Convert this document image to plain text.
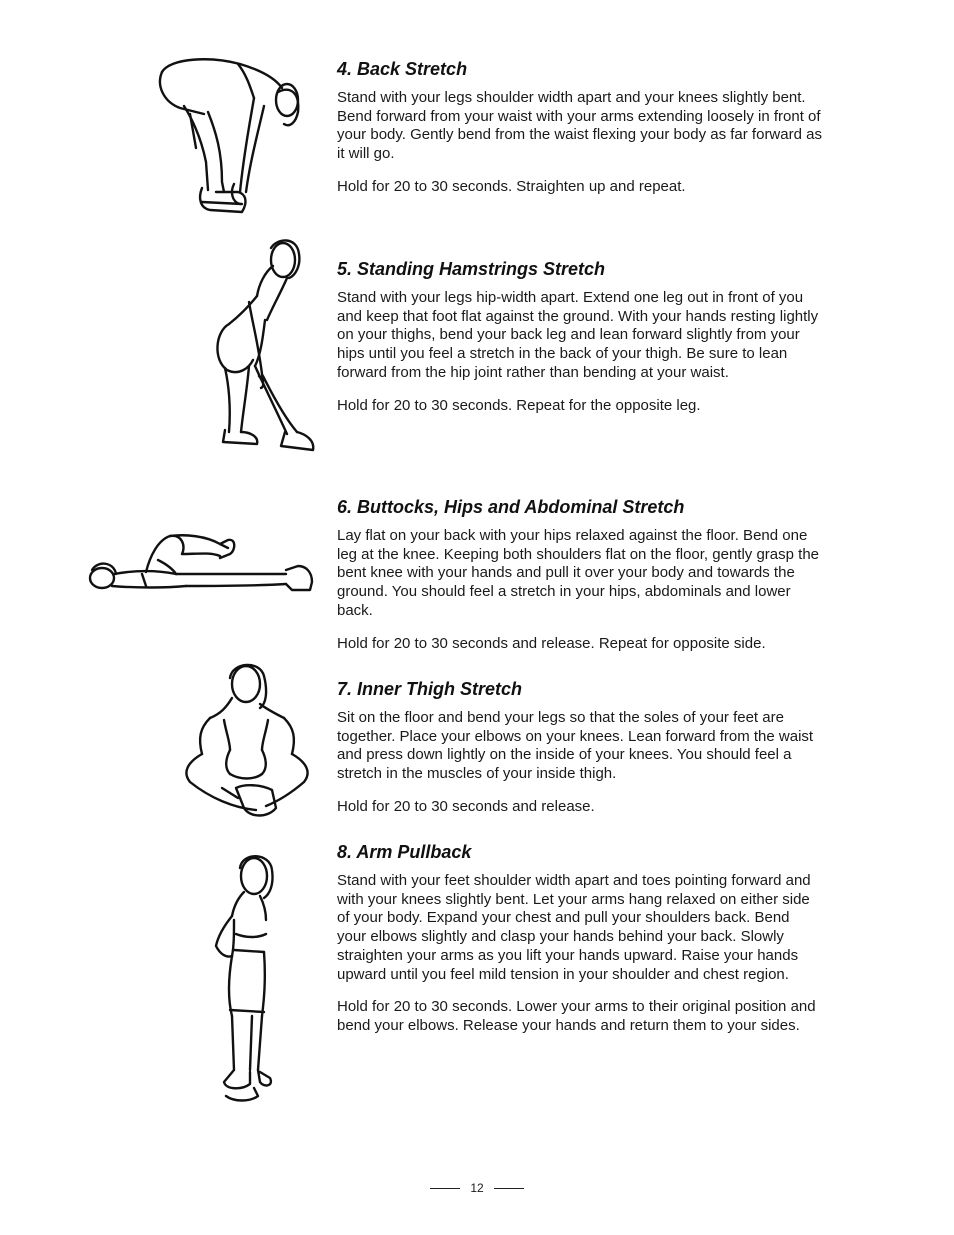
4. Back Stretch

Stand with your legs shoulder width apart and your knees slightly bent. Bend forward from your waist with your arms extending loosely in front of your body. Gently bend from the waist flexing your body as far forward as it will go.

Hold for 20 to 30 seconds. Straighten up and repeat.

5. Standing Hamstrings Stretch

Stand with your legs hip-width apart. Extend one leg out in front of you and keep that foot flat against the ground. With your hands resting lightly on your thighs, bend your back leg and lean forward slightly from your hips until you feel a stretch in the back of your thigh. Be sure to lean forward from the hip joint rather than bending at your waist.

Hold for 20 to 30 seconds. Repeat for the opposite leg.

6. Buttocks, Hips and Abdominal Stretch

Lay flat on your back with your hips relaxed against the floor. Bend one leg at the knee. Keeping both shoulders flat on the floor, gently grasp the bent knee with your hands and pull it over your body and towards the ground. You should feel a stretch in your hips, abdominals and lower back.

Hold for 20 to 30 seconds and release. Repeat for opposite side.

7. Inner Thigh Stretch

Sit on the floor and bend your legs so that the soles of your feet are together. Place your elbows on your knees. Lean forward from the waist and press down lightly on the inside of your knees. You should feel a stretch in the muscles of your inside thigh.

Hold for 20 to 30 seconds and release.

8. Arm Pullback

Stand with your feet shoulder width apart and toes pointing forward and with your knees slightly bent. Let your arms hang relaxed on either side of your body. Expand your chest and pull your shoulders back. Bend your elbows slightly and clasp your hands behind your back. Slowly straighten your arms as you lift your hands upward. Raise your hands upward until you feel mild tension in your shoulder and chest region.

Hold for 20 to 30 seconds. Lower your arms to their original position and bend your elbows. Release your hands and return them to your sides.

12
